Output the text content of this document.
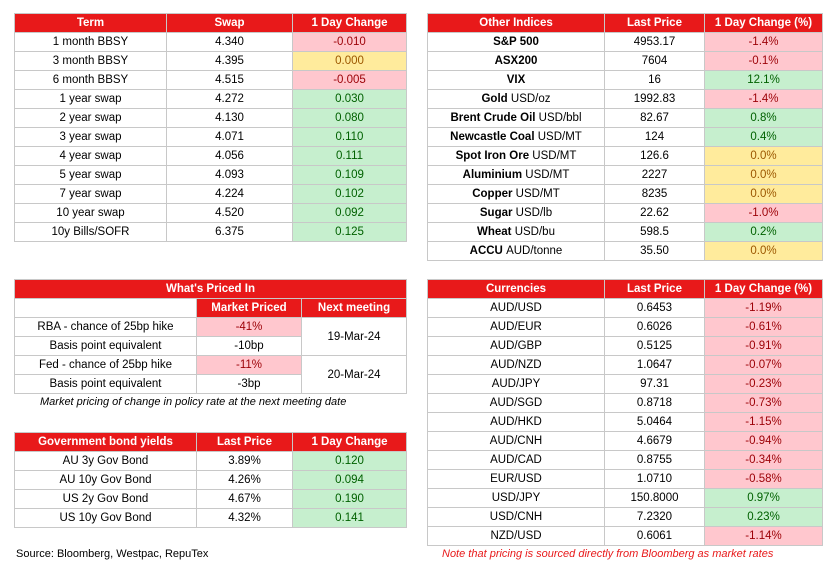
Term	Swap	1 Day Change
1 month BBSY	4.340	-0.010
3 month BBSY	4.395	0.000
6 month BBSY	4.515	-0.005
1 year swap	4.272	0.030
2 year swap	4.130	0.080
3 year swap	4.071	0.110
4 year swap	4.056	0.111
5 year swap	4.093	0.109
7 year swap	4.224	0.102
10 year swap	4.520	0.092
10y Bills/SOFR	6.375	0.125
Other Indices	Last Price	1 Day Change (%)
S&P 500	4953.17	-1.4%
ASX200	7604	-0.1%
VIX	16	12.1%
Gold USD/oz	1992.83	-1.4%
Brent Crude Oil USD/bbl	82.67	0.8%
Newcastle Coal USD/MT	124	0.4%
Spot Iron Ore USD/MT	126.6	0.0%
Aluminium USD/MT	2227	0.0%
Copper USD/MT	8235	0.0%
Sugar USD/lb	22.62	-1.0%
Wheat USD/bu	598.5	0.2%
ACCU AUD/tonne	35.50	0.0%
What's Priced In		
	Market Priced	Next meeting
RBA - chance of 25bp hike	-41%	19-Mar-24
Basis point equivalent	-10bp	
Fed - chance of 25bp hike	-11%	20-Mar-24
Basis point equivalent	-3bp	
Market pricing of change in policy rate at the next meeting date
Government bond yields	Last Price	1 Day Change
AU 3y Gov Bond	3.89%	0.120
AU 10y Gov Bond	4.26%	0.094
US 2y Gov Bond	4.67%	0.190
US 10y Gov Bond	4.32%	0.141
Currencies	Last Price	1 Day Change (%)
AUD/USD	0.6453	-1.19%
AUD/EUR	0.6026	-0.61%
AUD/GBP	0.5125	-0.91%
AUD/NZD	1.0647	-0.07%
AUD/JPY	97.31	-0.23%
AUD/SGD	0.8718	-0.73%
AUD/HKD	5.0464	-1.15%
AUD/CNH	4.6679	-0.94%
AUD/CAD	0.8755	-0.34%
EUR/USD	1.0710	-0.58%
USD/JPY	150.8000	0.97%
USD/CNH	7.2320	0.23%
NZD/USD	0.6061	-1.14%
Source: Bloomberg, Westpac, RepuTex	Note that pricing is sourced directly from Bloomberg as market rates
